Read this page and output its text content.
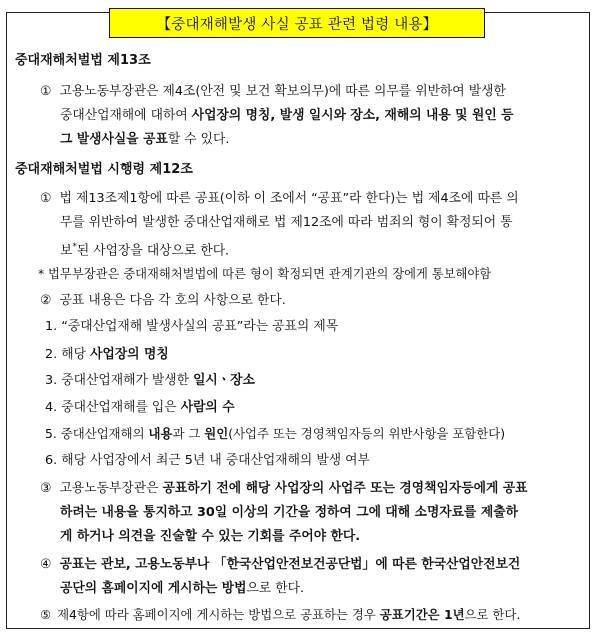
【중대재해발생 사실 공표 관련 법령 내용】
중대재해처벌법 제13조
① 고용노동부장관은 제4조(안전 및 보건 확보의무)에 따른 의무를 위반하여 발생한
중대산업재해에 대하여 사업장의 명칭, 발생 일시와 장소, 재해의 내용 및 원인 등
그 발생사실을 공표할 수 있다.
중대재해처벌법 시행령 제12조
① 법 제13조제1항에 따른 공표(이하 이 조에서 “공표”라 한다)는 법 제4조에 따른 의
무를 위반하여 발생한 중대산업재해로 법 제12조에 따라 범죄의 형이 확정되어 통
보*된 사업장을 대상으로 한다.
* 법무부장관은 중대재해처벌법에 따른 형이 확정되면 관계기관의 장에게 통보해야함
② 공표 내용은 다음 각 호의 사항으로 한다.
1. “중대산업재해 발생사실의 공표”라는 공표의 제목
2. 해당 사업장의 명칭
3. 중대산업재해가 발생한 일시ㆍ장소
4. 중대산업재해를 입은 사람의 수
5. 중대산업재해의 내용과 그 원인(사업주 또는 경영책임자등의 위반사항을 포함한다)
6. 해당 사업장에서 최근 5년 내 중대산업재해의 발생 여부
③ 고용노동부장관은 공표하기 전에 해당 사업장의 사업주 또는 경영책임자등에게 공표
하려는 내용을 통지하고 30일 이상의 기간을 정하여 그에 대해 소명자료를 제출하
게 하거나 의견을 진술할 수 있는 기회를 주어야 한다.
④ 공표는 관보, 고용노동부나 「한국산업안전보건공단법」에 따른 한국산업안전보건
공단의 홈페이지에 게시하는 방법으로 한다.
⑤ 제4항에 따라 홈페이지에 게시하는 방법으로 공표하는 경우 공표기간은 1년으로 한다.
